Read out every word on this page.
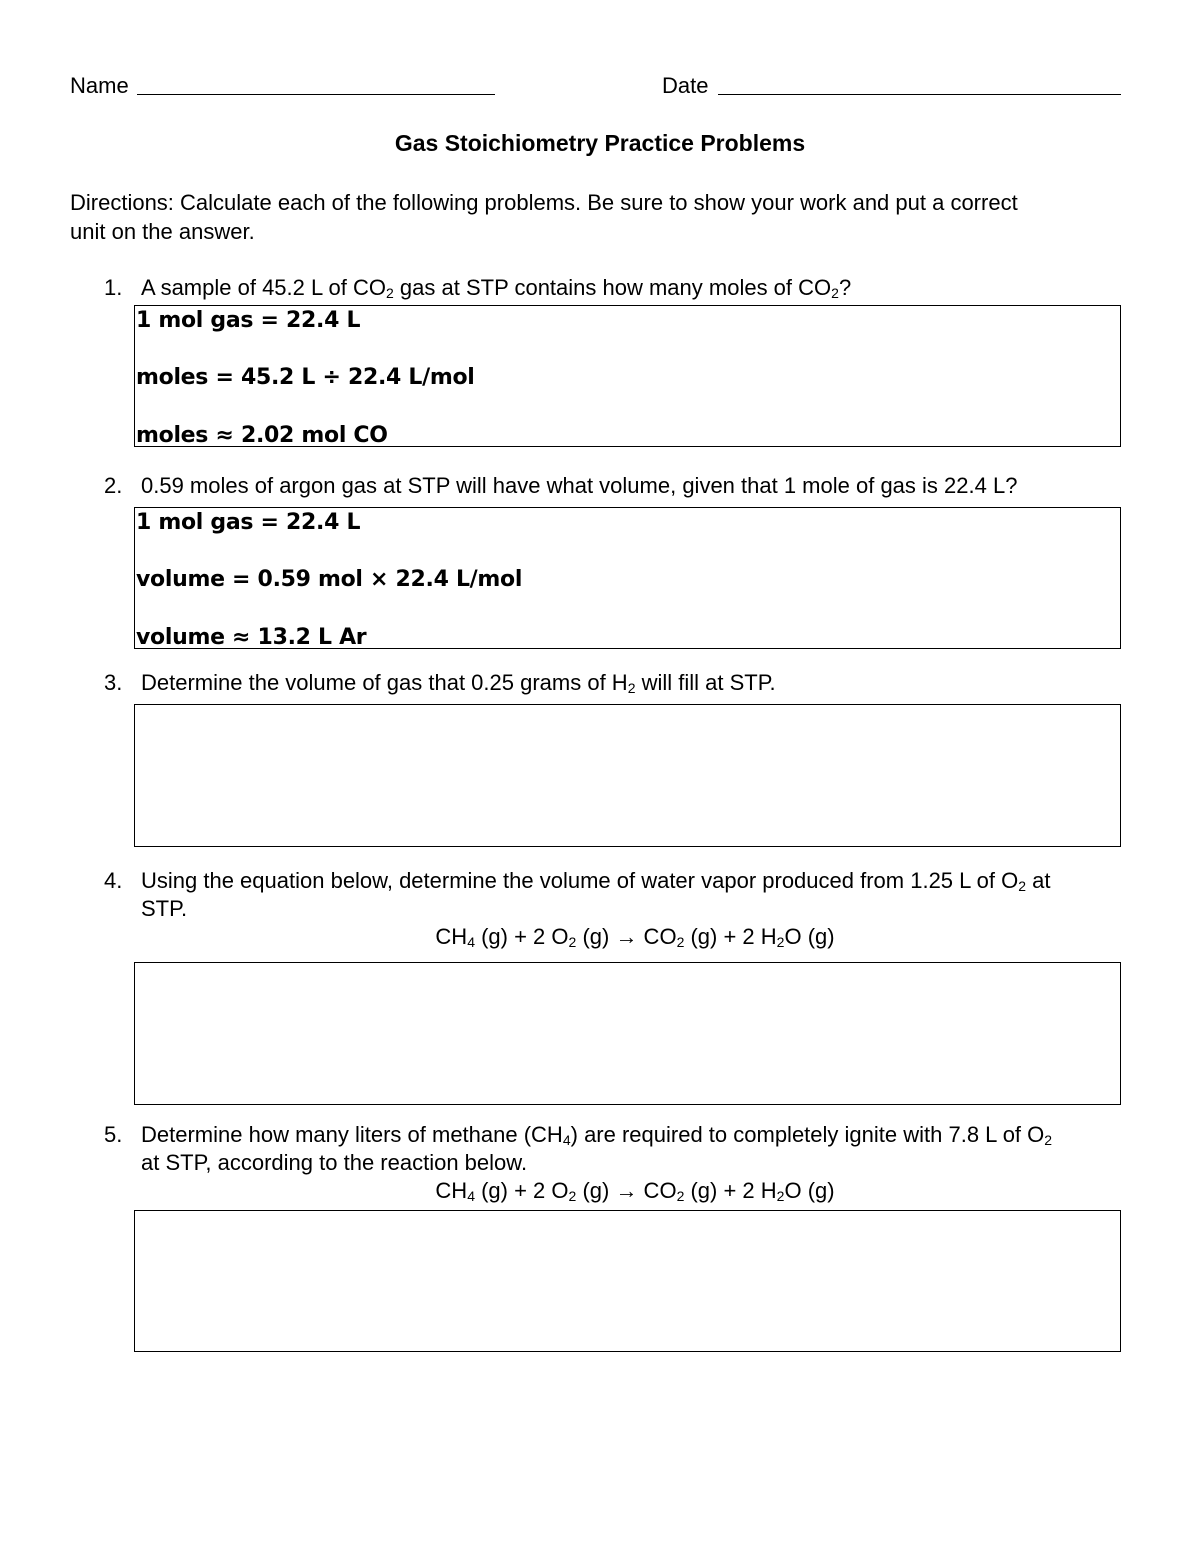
Name	Date
Gas Stoichiometry Practice Problems
Directions: Calculate each of the following problems. Be sure to show your work and put a correct
unit on the answer.
1. A sample of 45.2 L of $CO_2$ gas at STP contains how many moles of $CO_2$?
1 mol gas = 22.4 L
moles = 45.2 L ÷ 22.4 L/mol
moles ≈ 2.02 mol CO
2. 0.59 moles of argon gas at STP will have what volume, given that 1 mole of gas is 22.4 L?
1 mol gas = 22.4 L
volume = 0.59 mol × 22.4 L/mol
volume ≈ 13.2 L Ar
3. Determine the volume of gas that 0.25 grams of $H_2$ will fill at STP.
4. Using the equation below, determine the volume of water vapor produced from 1.25 L of $O_2$ at
STP.
$CH_4$ (g) + 2 $O_2$ $(g) \to CO_2$ (g) + 2 $H_2O$ (g)
5. Determine how many liters of methane $(CH_4)$ are required to completely ignite with 7.8 L of $O_2$
at STP, according to the reaction below.
$CH_4$ (g) + 2 $O_2$ $(g) \to CO_2$ (g) + 2 $H_2O$ (g)
